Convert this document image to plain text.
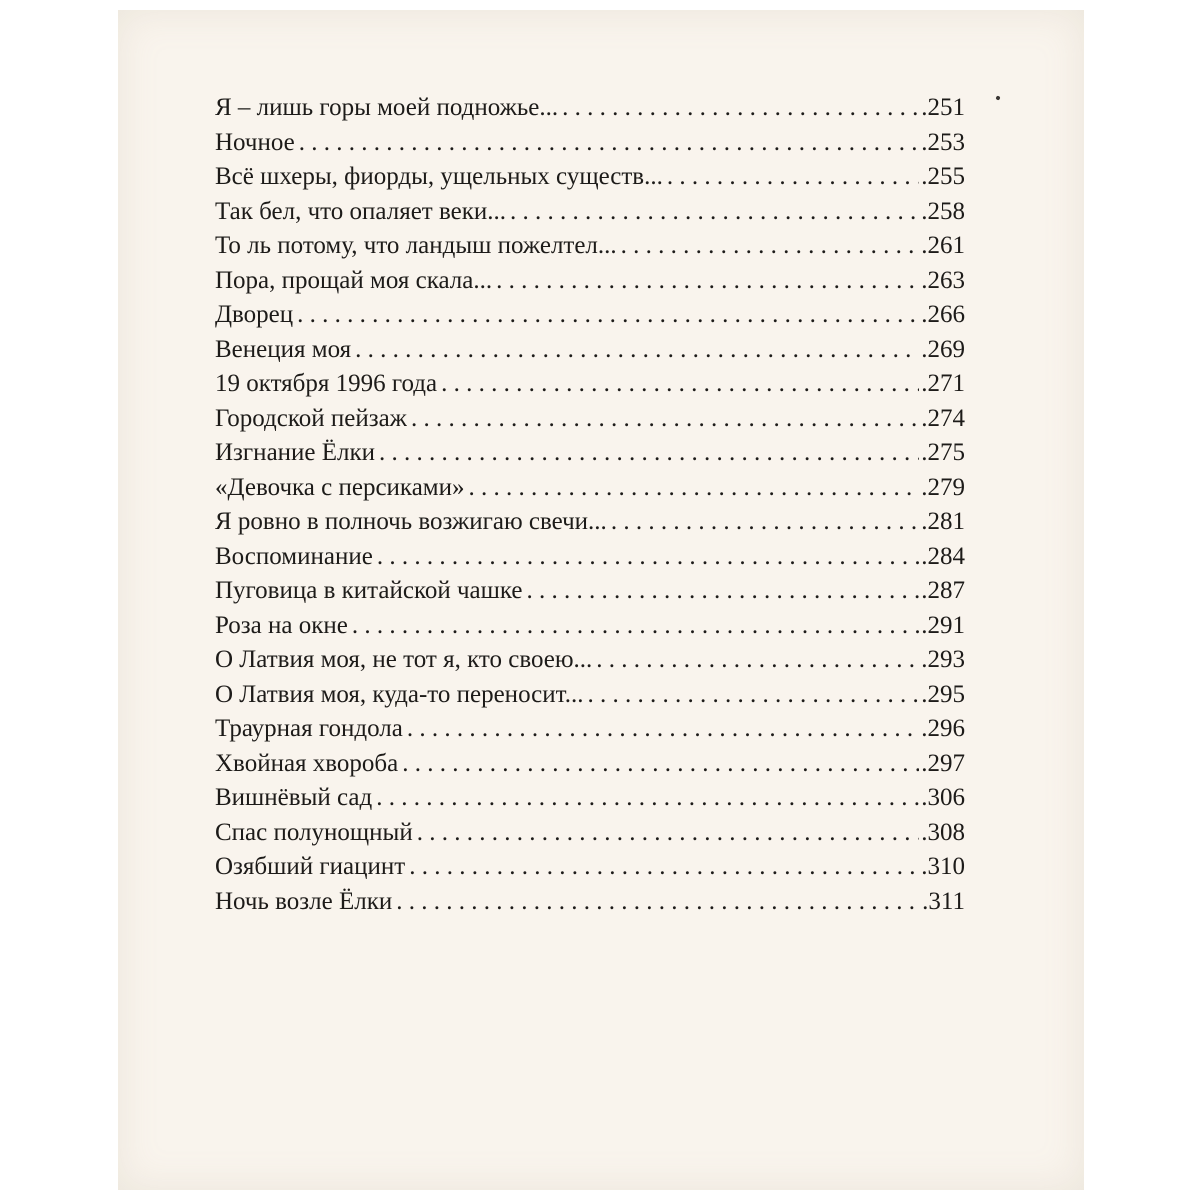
Я – лишь горы моей подножье... . . .	. 251
Ночное . . .	. 253
Всё шхеры, фиорды, ущельных существ... . . .	. 255
Так бел, что опаляет веки... . . .	. 258
То ль потому, что ландыш пожелтел... . . .	. 261
Пора, прощай моя скала... . . .	. 263
Дворец . . .	. 266
Венеция моя . . .	. 269
19 октября 1996 года . . .	. 271
Городской пейзаж . . .	. 274
Изгнание Ёлки . . .	. 275
«Девочка с персиками» . . .	. 279
Я ровно в полночь возжигаю свечи... . . .	. 281
Воспоминание . . .	. 284
Пуговица в китайской чашке . . .	. 287
Роза на окне . . .	. 291
О Латвия моя, не тот я, кто своею... . . .	. 293
О Латвия моя, куда-то переносит... . . .	. 295
Траурная гондола . . .	. 296
Хвойная хвороба . . .	. 297
Вишнёвый сад . . .	. 306
Спас полунощный . . .	. 308
Озябший гиацинт . . .	. 310
Ночь возле Ёлки . . .	. 311
